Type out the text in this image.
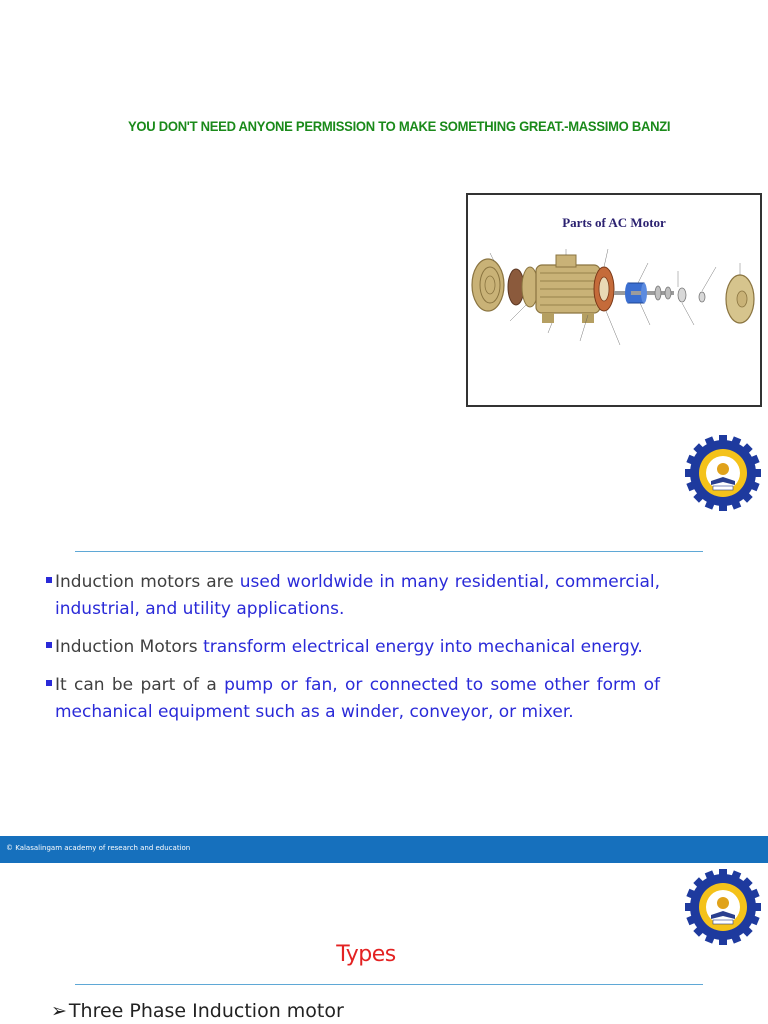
YOU DON'T NEED ANYONE PERMISSION TO MAKE SOMETHING GREAT.-MASSIMO BANZI
Parts of AC Motor
Induction motors are used worldwide in many residential, commercial, industrial, and utility applications.
Induction Motors transform electrical energy into mechanical energy.
It can be part of a pump or fan, or connected to some other form of mechanical equipment such as a winder, conveyor, or mixer.
© Kalasalingam academy of research and education
Types
➢ Three Phase Induction motor
